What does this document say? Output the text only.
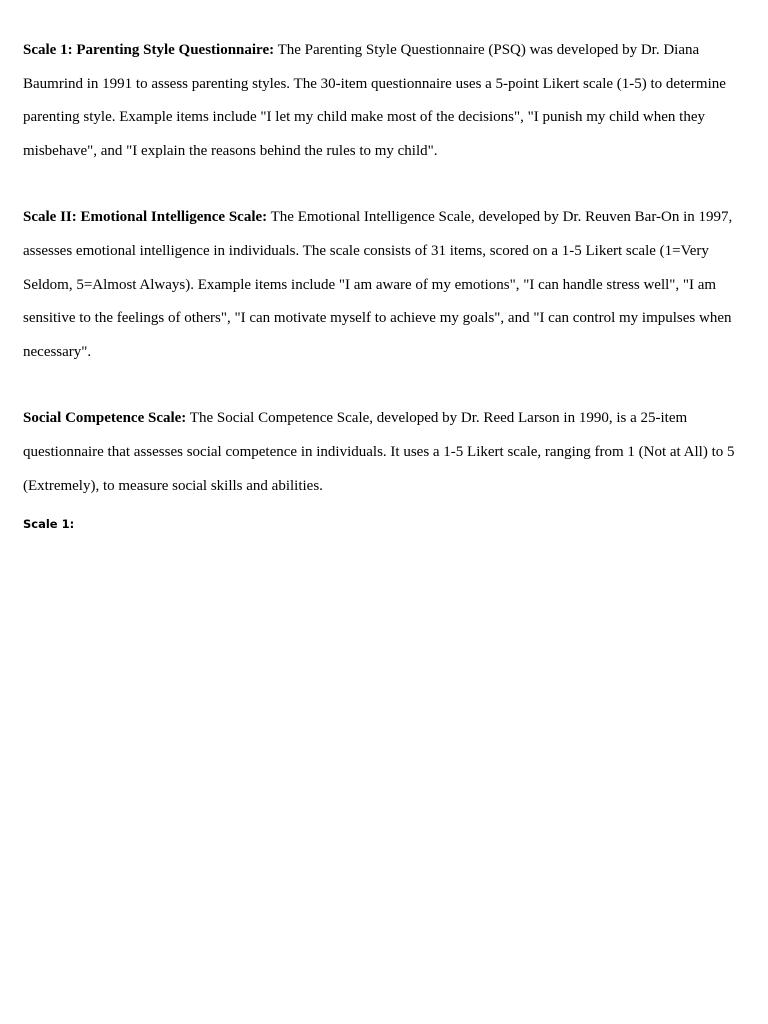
Scale 1: Parenting Style Questionnaire: The Parenting Style Questionnaire (PSQ) was developed by Dr. Diana Baumrind in 1991 to assess parenting styles. The 30-item questionnaire uses a 5-point Likert scale (1-5) to determine parenting style. Example items include "I let my child make most of the decisions", "I punish my child when they misbehave", and "I explain the reasons behind the rules to my child".

Scale II: Emotional Intelligence Scale: The Emotional Intelligence Scale, developed by Dr. Reuven Bar-On in 1997, assesses emotional intelligence in individuals. The scale consists of 31 items, scored on a 1-5 Likert scale (1=Very Seldom, 5=Almost Always). Example items include "I am aware of my emotions", "I can handle stress well", "I am sensitive to the feelings of others", "I can motivate myself to achieve my goals", and "I can control my impulses when necessary".

Social Competence Scale: The Social Competence Scale, developed by Dr. Reed Larson in 1990, is a 25-item questionnaire that assesses social competence in individuals. It uses a 1-5 Likert scale, ranging from 1 (Not at All) to 5 (Extremely), to measure social skills and abilities.

Scale 1:
